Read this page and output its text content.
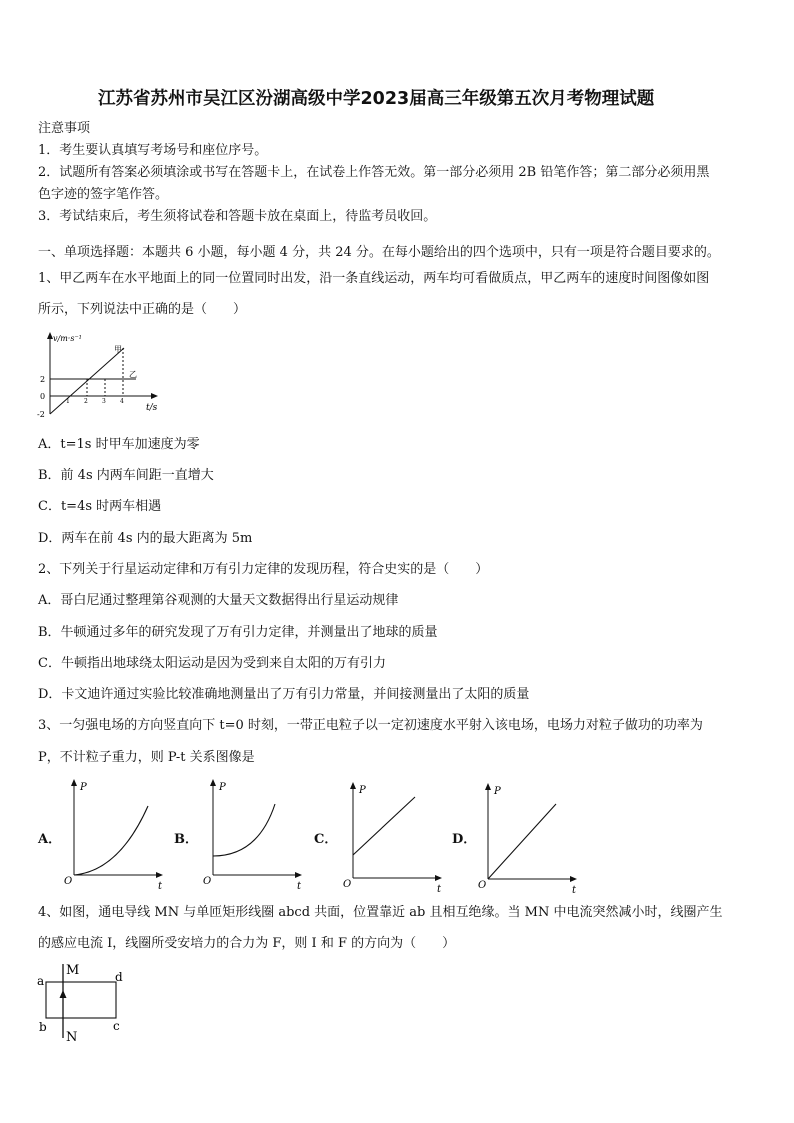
江苏省苏州市吴江区汾湖高级中学2023届高三年级第五次月考物理试题
注意事项
1．考生要认真填写考场号和座位序号。
2．试题所有答案必须填涂或书写在答题卡上，在试卷上作答无效。第一部分必须用 2B 铅笔作答；第二部分必须用黑
色字迹的签字笔作答。
3．考试结束后，考生须将试卷和答题卡放在桌面上，待监考员收回。
一、单项选择题：本题共 6 小题，每小题 4 分，共 24 分。在每小题给出的四个选项中，只有一项是符合题目要求的。
1、甲乙两车在水平地面上的同一位置同时出发，沿一条直线运动，两车均可看做质点，甲乙两车的速度时间图像如图
所示，下列说法中正确的是（　　）
v/m·s⁻¹
t/s
甲
乙
2
0
-2
1 2 3 4
A．t=1s 时甲车加速度为零
B．前 4s 内两车间距一直增大
C．t=4s 时两车相遇
D．两车在前 4s 内的最大距离为 5m
2、下列关于行星运动定律和万有引力定律的发现历程，符合史实的是（　　）
A．哥白尼通过整理第谷观测的大量天文数据得出行星运动规律
B．牛顿通过多年的研究发现了万有引力定律，并测量出了地球的质量
C．牛顿指出地球绕太阳运动是因为受到来自太阳的万有引力
D．卡文迪许通过实验比较准确地测量出了万有引力常量，并间接测量出了太阳的质量
3、一匀强电场的方向竖直向下 t=0 时刻，一带正电粒子以一定初速度水平射入该电场，电场力对粒子做功的功率为
P，不计粒子重力，则 P-t 关系图像是
A．
P
t
O
B．
P
t
O
C．
P
t
O
D．
P
t
O
4、如图，通电导线 MN 与单匝矩形线圈 abcd 共面，位置靠近 ab 且相互绝缘。当 MN 中电流突然减小时，线圈产生
的感应电流 I，线圈所受安培力的合力为 F，则 I 和 F 的方向为（　　）
M
N
a
b	c
d
